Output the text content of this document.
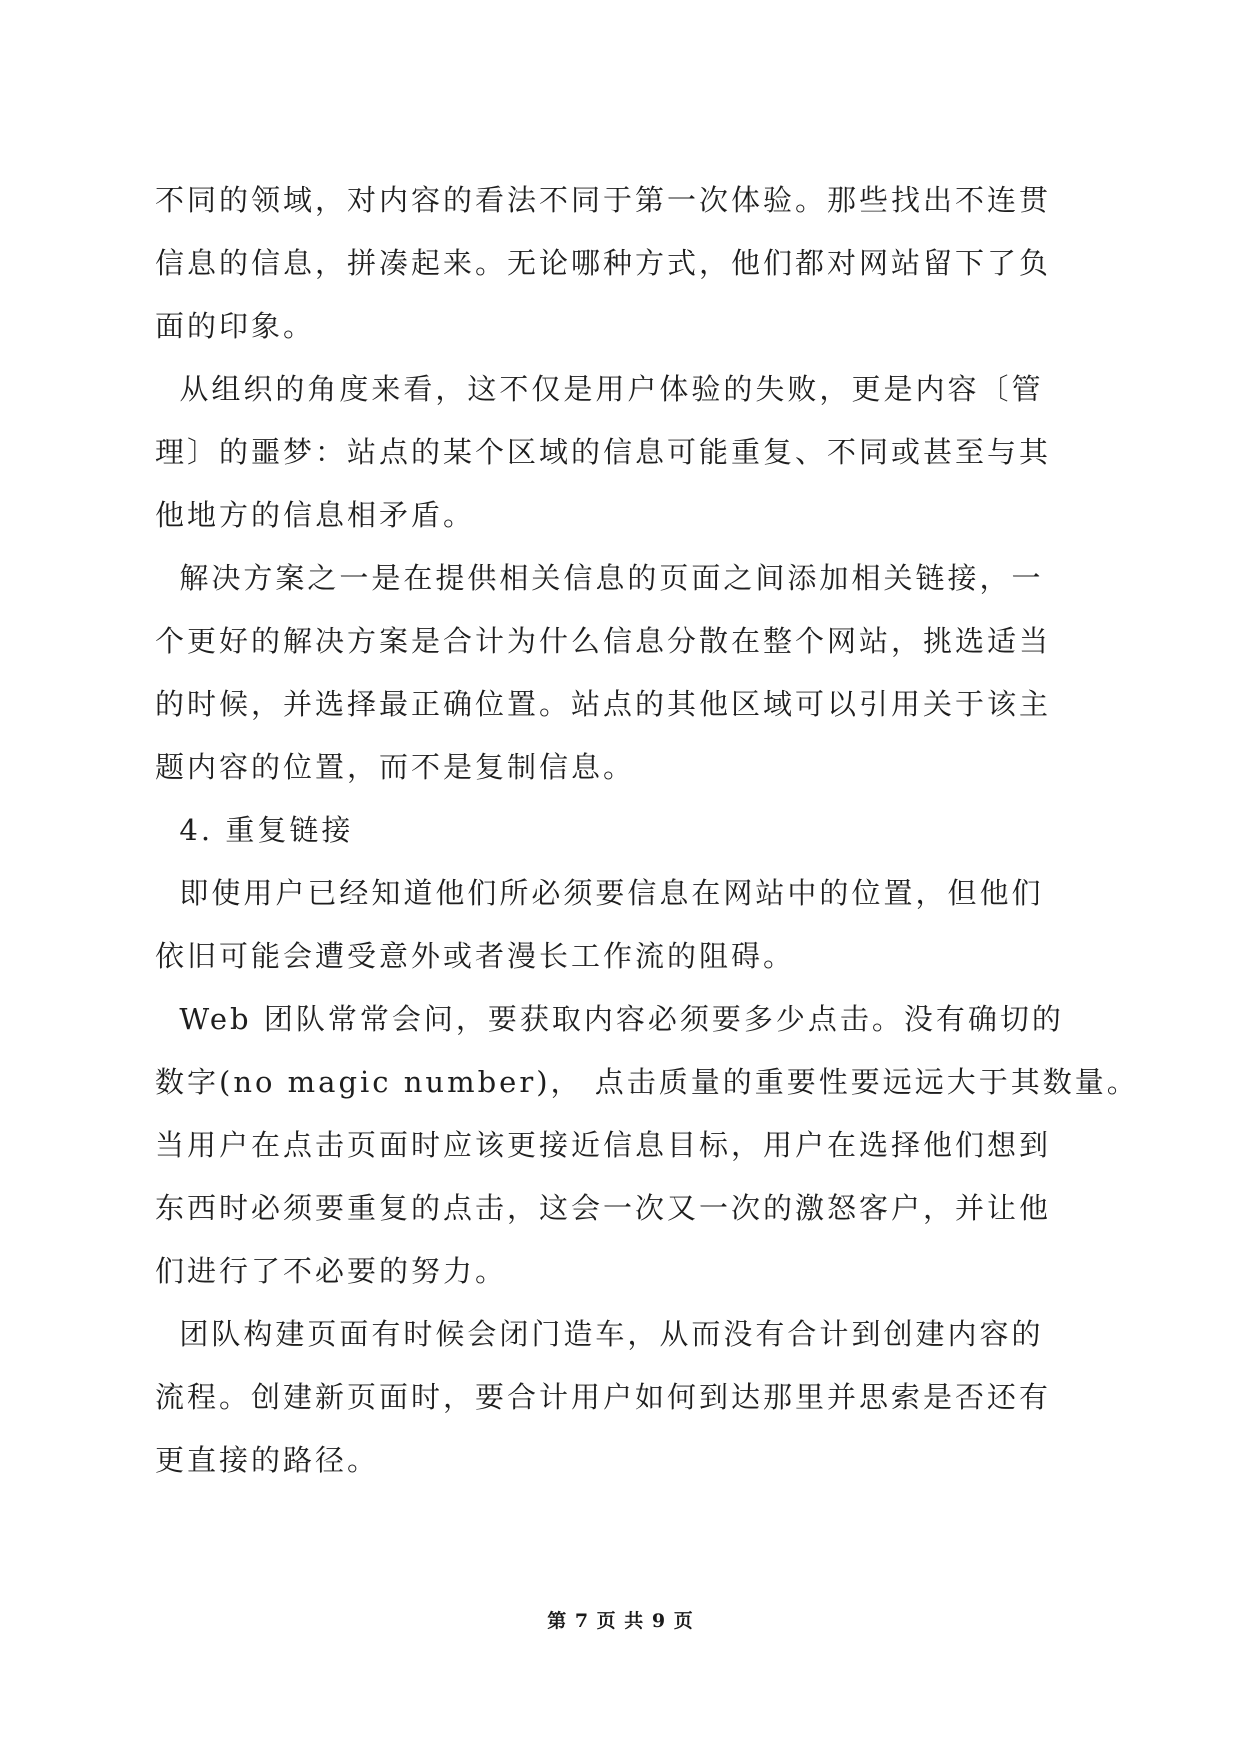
不同的领域，对内容的看法不同于第一次体验。那些找出不连贯
信息的信息，拼凑起来。无论哪种方式，他们都对网站留下了负
面的印象。
从组织的角度来看，这不仅是用户体验的失败，更是内容〔管
理〕的噩梦：站点的某个区域的信息可能重复、不同或甚至与其
他地方的信息相矛盾。
解决方案之一是在提供相关信息的页面之间添加相关链接，一
个更好的解决方案是合计为什么信息分散在整个网站，挑选适当
的时候，并选择最正确位置。站点的其他区域可以引用关于该主
题内容的位置，而不是复制信息。
4. 重复链接
即使用户已经知道他们所必须要信息在网站中的位置，但他们
依旧可能会遭受意外或者漫长工作流的阻碍。
Web 团队常常会问，要获取内容必须要多少点击。没有确切的
数字(no magic number)， 点击质量的重要性要远远大于其数量。
当用户在点击页面时应该更接近信息目标，用户在选择他们想到
东西时必须要重复的点击，这会一次又一次的激怒客户，并让他
们进行了不必要的努力。
团队构建页面有时候会闭门造车，从而没有合计到创建内容的
流程。创建新页面时，要合计用户如何到达那里并思索是否还有
更直接的路径。
第 7 页 共 9 页
